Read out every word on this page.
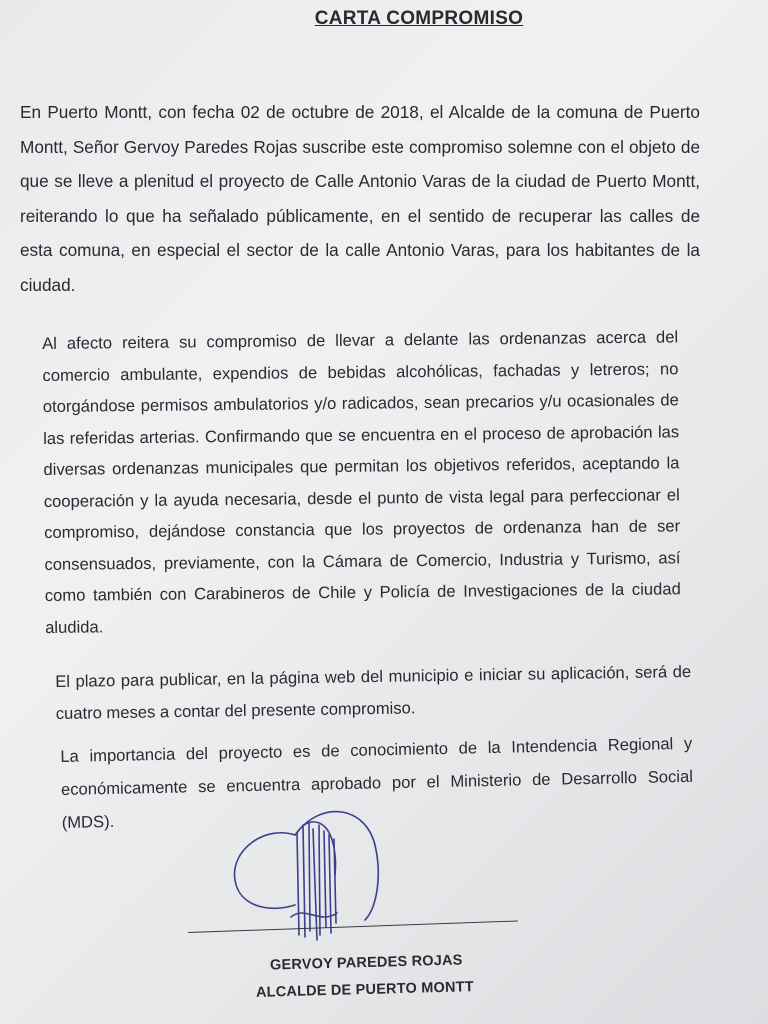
CARTA COMPROMISO

En Puerto Montt, con fecha 02 de octubre de 2018, el Alcalde de la comuna de Puerto Montt, Señor Gervoy Paredes Rojas suscribe este compromiso solemne con el objeto de que se lleve a plenitud el proyecto de Calle Antonio Varas de la ciudad de Puerto Montt, reiterando lo que ha señalado públicamente, en el sentido de recuperar las calles de esta comuna, en especial el sector de la calle Antonio Varas, para los habitantes de la ciudad.

Al afecto reitera su compromiso de llevar a delante las ordenanzas acerca del comercio ambulante, expendios de bebidas alcohólicas, fachadas y letreros; no otorgándose permisos ambulatorios y/o radicados, sean precarios y/u ocasionales de las referidas arterias. Confirmando que se encuentra en el proceso de aprobación las diversas ordenanzas municipales que permitan los objetivos referidos, aceptando la cooperación y la ayuda necesaria, desde el punto de vista legal para perfeccionar el compromiso, dejándose constancia que los proyectos de ordenanza han de ser consensuados, previamente, con la Cámara de Comercio, Industria y Turismo, así como también con Carabineros de Chile y Policía de Investigaciones de la ciudad aludida.

El plazo para publicar, en la página web del municipio e iniciar su aplicación, será de cuatro meses a contar del presente compromiso.

La importancia del proyecto es de conocimiento de la Intendencia Regional y económicamente se encuentra aprobado por el Ministerio de Desarrollo Social (MDS).

GERVOY PAREDES ROJAS
ALCALDE DE PUERTO MONTT
